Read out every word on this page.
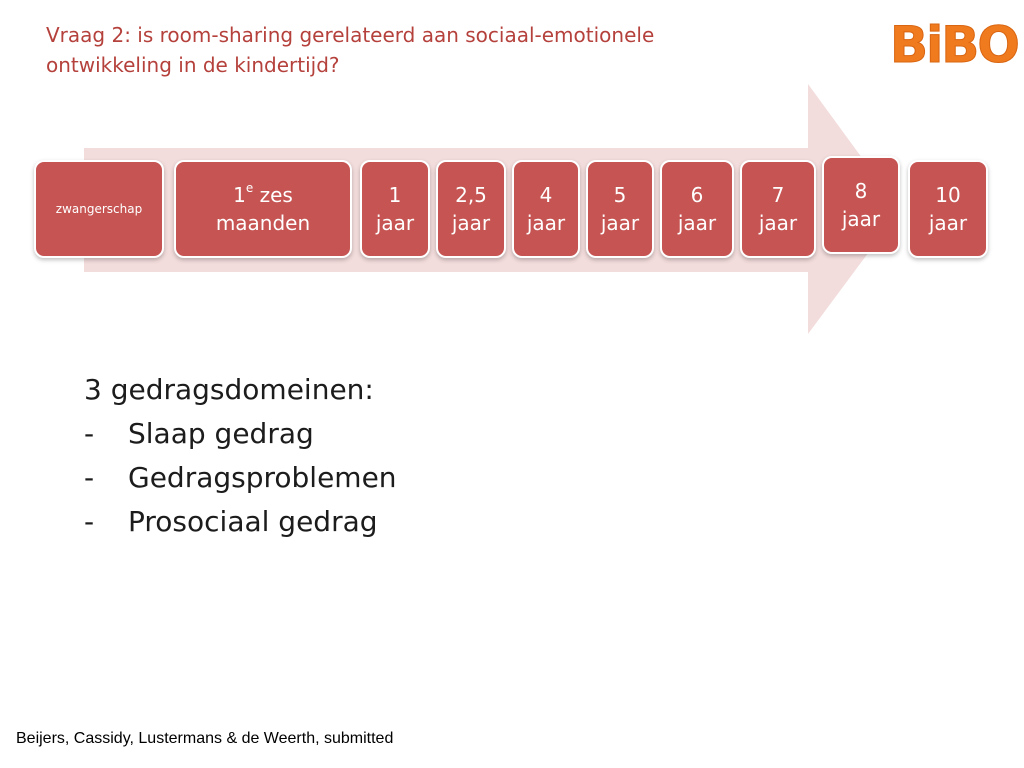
Vraag 2: is room-sharing gerelateerd aan sociaal-emotionele
ontwikkeling in de kindertijd?	BiBO
zwangerschap
1e zes
maanden
1
jaar
2,5
jaar
4
jaar
5
jaar
6
jaar
7
jaar
8
jaar
10
jaar
3 gedragsdomeinen:
- Slaap gedrag
- Gedragsproblemen
- Prosociaal gedrag
Beijers, Cassidy, Lustermans & de Weerth, submitted
